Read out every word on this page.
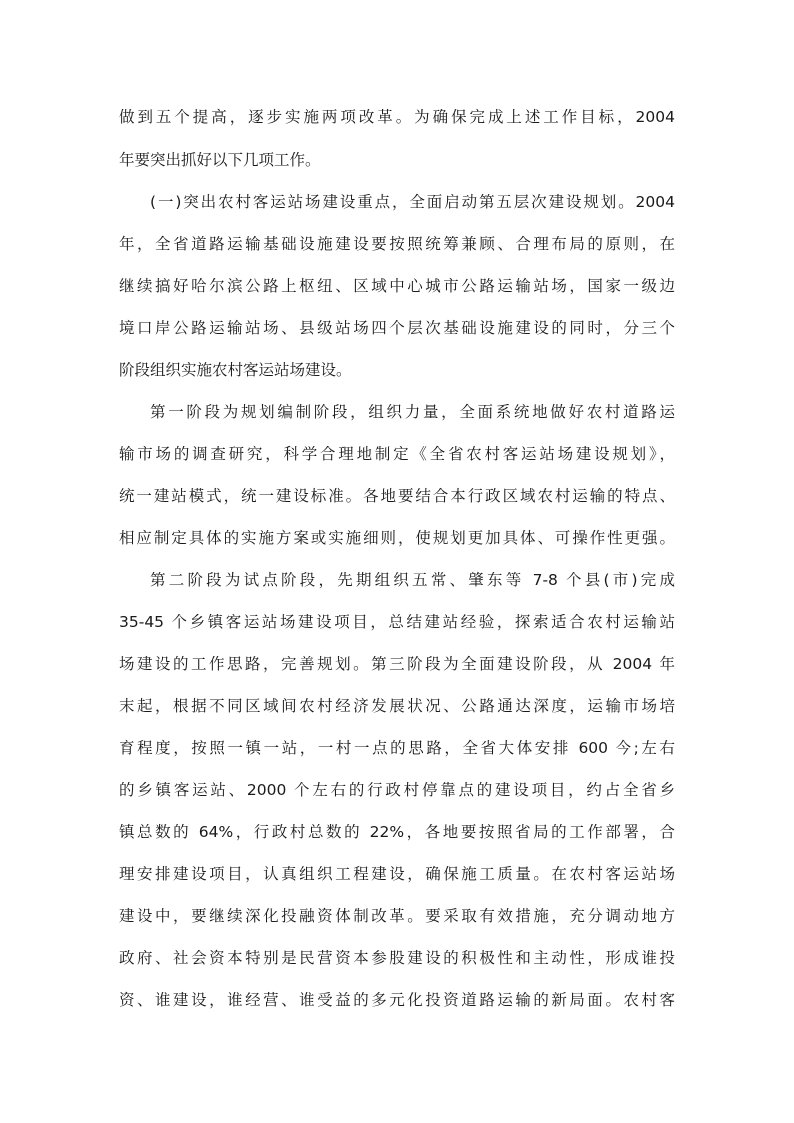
做到五个提高，逐步实施两项改革。为确保完成上述工作目标，2004
年要突出抓好以下几项工作。
(一)突出农村客运站场建设重点，全面启动第五层次建设规划。2004
年，全省道路运输基础设施建设要按照统筹兼顾、合理布局的原则，在
继续搞好哈尔滨公路上枢纽、区域中心城市公路运输站场，国家一级边
境口岸公路运输站场、县级站场四个层次基础设施建设的同时，分三个
阶段组织实施农村客运站场建设。
第一阶段为规划编制阶段，组织力量，全面系统地做好农村道路运
输市场的调查研究，科学合理地制定《全省农村客运站场建设规划》，
统一建站模式，统一建设标准。各地要结合本行政区域农村运输的特点、
相应制定具体的实施方案或实施细则，使规划更加具体、可操作性更强。
第二阶段为试点阶段，先期组织五常、肇东等 7-8 个县(市)完成
35-45 个乡镇客运站场建设项目，总结建站经验，探索适合农村运输站
场建设的工作思路，完善规划。第三阶段为全面建设阶段，从 2004 年
末起，根据不同区域间农村经济发展状况、公路通达深度，运输市场培
育程度，按照一镇一站，一村一点的思路，全省大体安排 600 今;左右
的乡镇客运站、2000 个左右的行政村停靠点的建设项目，约占全省乡
镇总数的 64%，行政村总数的 22%，各地要按照省局的工作部署，合
理安排建设项目，认真组织工程建设，确保施工质量。在农村客运站场
建设中，要继续深化投融资体制改革。要采取有效措施，充分调动地方
政府、社会资本特别是民营资本参股建设的积极性和主动性，形成谁投
资、谁建设，谁经营、谁受益的多元化投资道路运输的新局面。农村客
